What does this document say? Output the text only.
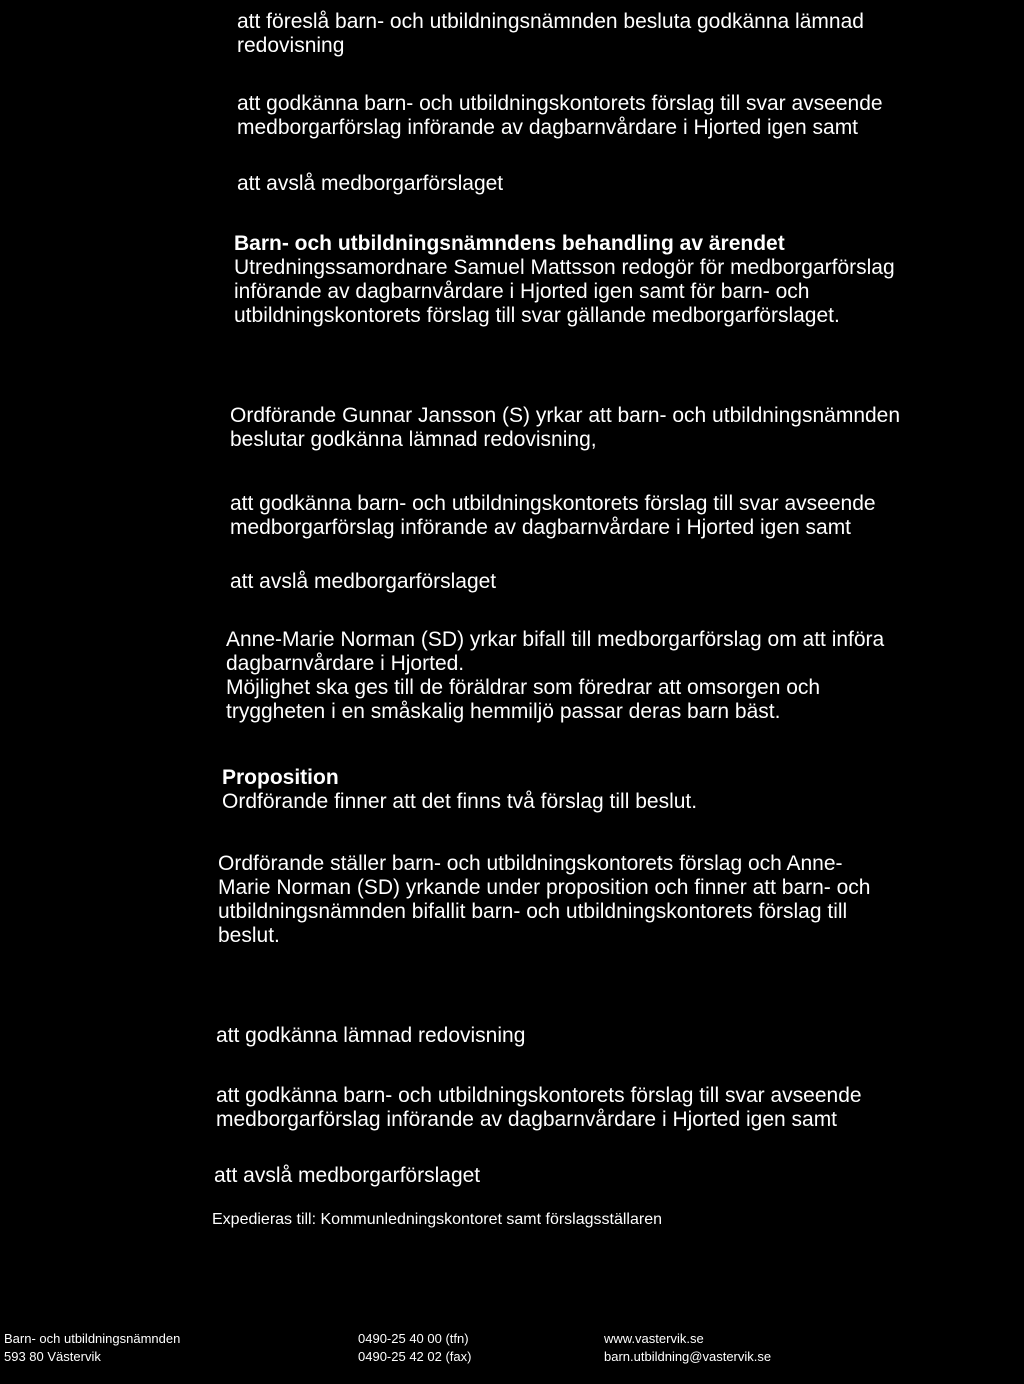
att föreslå barn- och utbildningsnämnden besluta godkänna lämnad
redovisning
att godkänna barn- och utbildningskontorets förslag till svar avseende
medborgarförslag införande av dagbarnvårdare i Hjorted igen samt
att avslå medborgarförslaget
Barn- och utbildningsnämndens behandling av ärendet
Utredningssamordnare Samuel Mattsson redogör för medborgarförslag
införande av dagbarnvårdare i Hjorted igen samt för barn- och
utbildningskontorets förslag till svar gällande medborgarförslaget.
Ordförande Gunnar Jansson (S) yrkar att barn- och utbildningsnämnden
beslutar godkänna lämnad redovisning,
att godkänna barn- och utbildningskontorets förslag till svar avseende
medborgarförslag införande av dagbarnvårdare i Hjorted igen samt
att avslå medborgarförslaget
Anne-Marie Norman (SD) yrkar bifall till medborgarförslag om att införa
dagbarnvårdare i Hjorted.
Möjlighet ska ges till de föräldrar som föredrar att omsorgen och
tryggheten i en småskalig hemmiljö passar deras barn bäst.
Proposition
Ordförande finner att det finns två förslag till beslut.
Ordförande ställer barn- och utbildningskontorets förslag och Anne-
Marie Norman (SD) yrkande under proposition och finner att barn- och
utbildningsnämnden bifallit barn- och utbildningskontorets förslag till
beslut.
att godkänna lämnad redovisning
att godkänna barn- och utbildningskontorets förslag till svar avseende
medborgarförslag införande av dagbarnvårdare i Hjorted igen samt
att avslå medborgarförslaget
Expedieras till: Kommunledningskontoret samt förslagsställaren
Barn- och utbildningsnämnden
593 80 Västervik
0490-25 40 00 (tfn)
0490-25 42 02 (fax)
www.vastervik.se
barn.utbildning@vastervik.se
